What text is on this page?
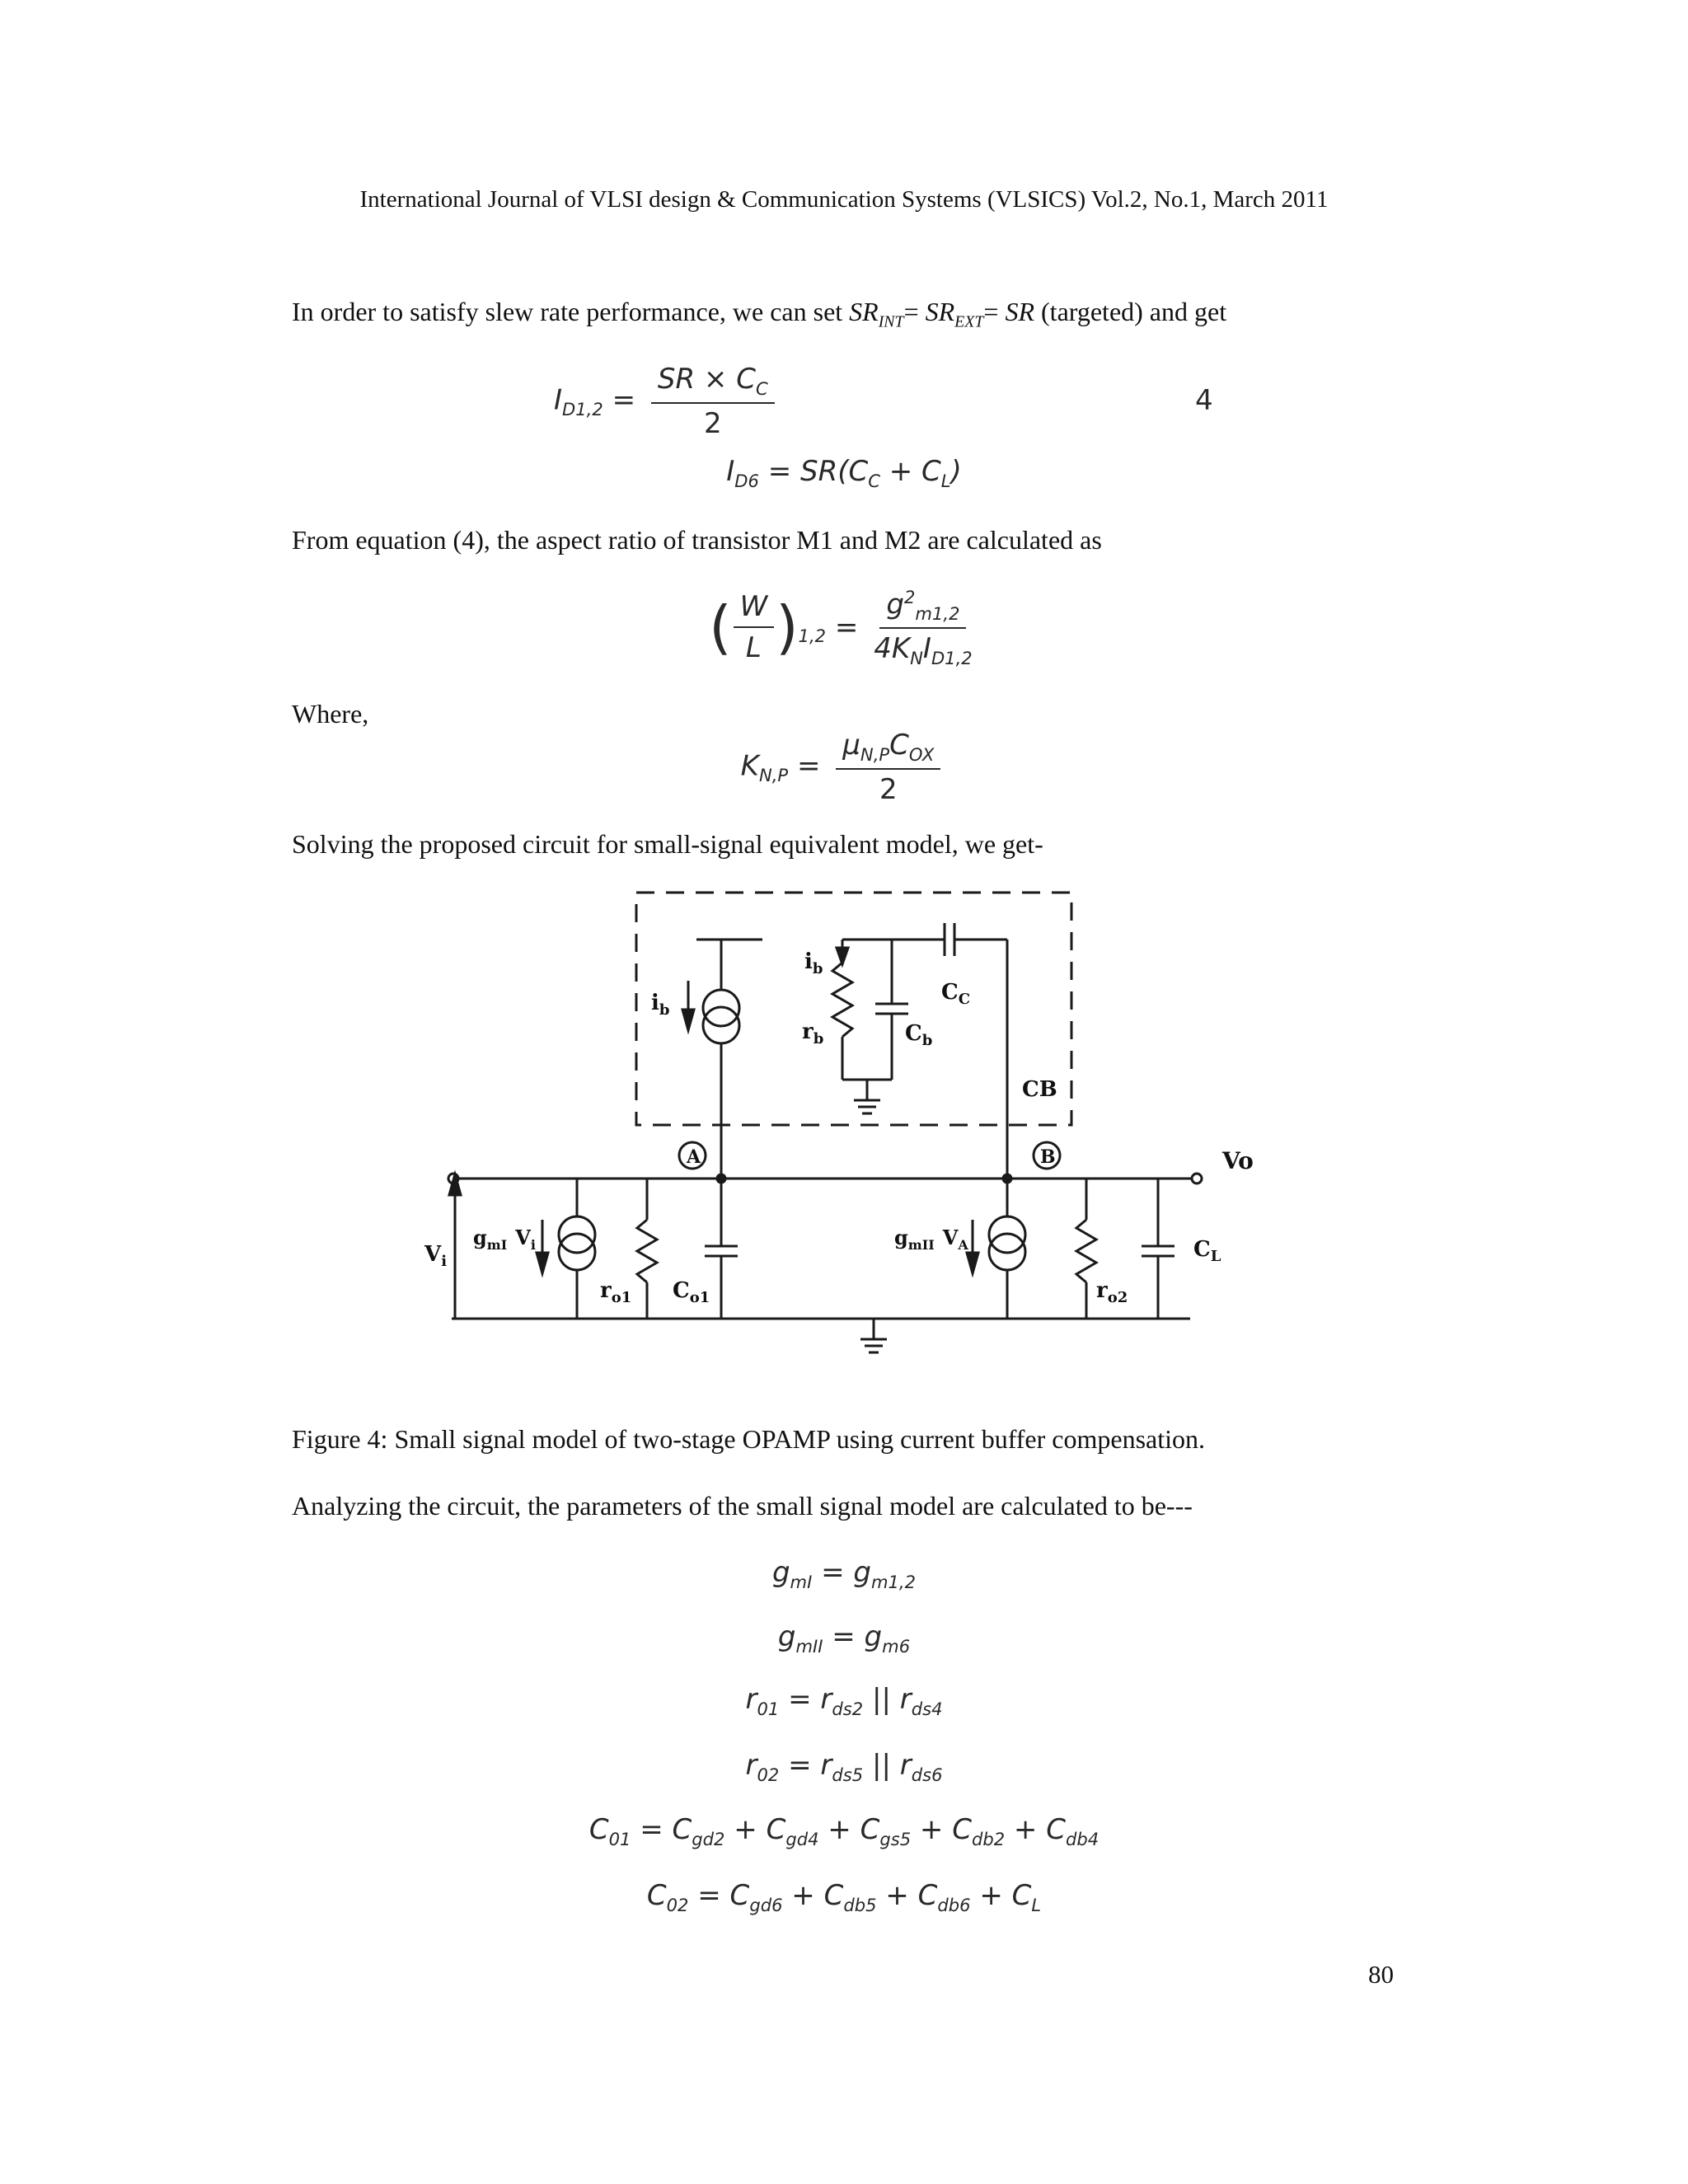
International Journal of VLSI design & Communication Systems (VLSICS) Vol.2, No.1, March 2011
In order to satisfy slew rate performance, we can set $SR_{INT}= SR_{EXT}=$ SR (targeted) and get
$I_{D1,2} = \frac{SR \times C_C}{2}$	4
$I_{D6} = SR(C_C + C_L)$
From equation (4), the aspect ratio of transistor M1 and M2 are calculated as
( $\frac{W}{L} )_{1,2} = \frac{g^2_{m1,2}}{4K_NI_{D1,2}}$
Where,
$K_{N,P} = \frac{\mu_{N,P}C_{OX}}{2}$
Solving the proposed circuit for small-signal equivalent model, we get-
$i_b$
$i_b$
$r_b$	$C_b$
$C_C$
CB
A	B	Vo
$V_i$
$g_{mI}$ $V_i$
$r_{o1}$ $C_{o1}$
$g_{mII}$ $V_A$
$r_{o2}$
$C_L$
Figure 4: Small signal model of two-stage OPAMP using current buffer compensation.
Analyzing the circuit, the parameters of the small signal model are calculated to be---
$g_{mI} = g_{m1,2}$
$g_{mII} = g_{m6}$
$r_{01} = r_{ds2}$ || $r_{ds4}$
$r_{02} = r_{ds5}$ || $r_{ds6}$
$C_{01} = C_{gd2} + C_{gd4} + C_{gs5} + C_{db2} + C_{db4}$
$C_{02} = C_{gd6} + C_{db5} + C_{db6} + C_L$
80
